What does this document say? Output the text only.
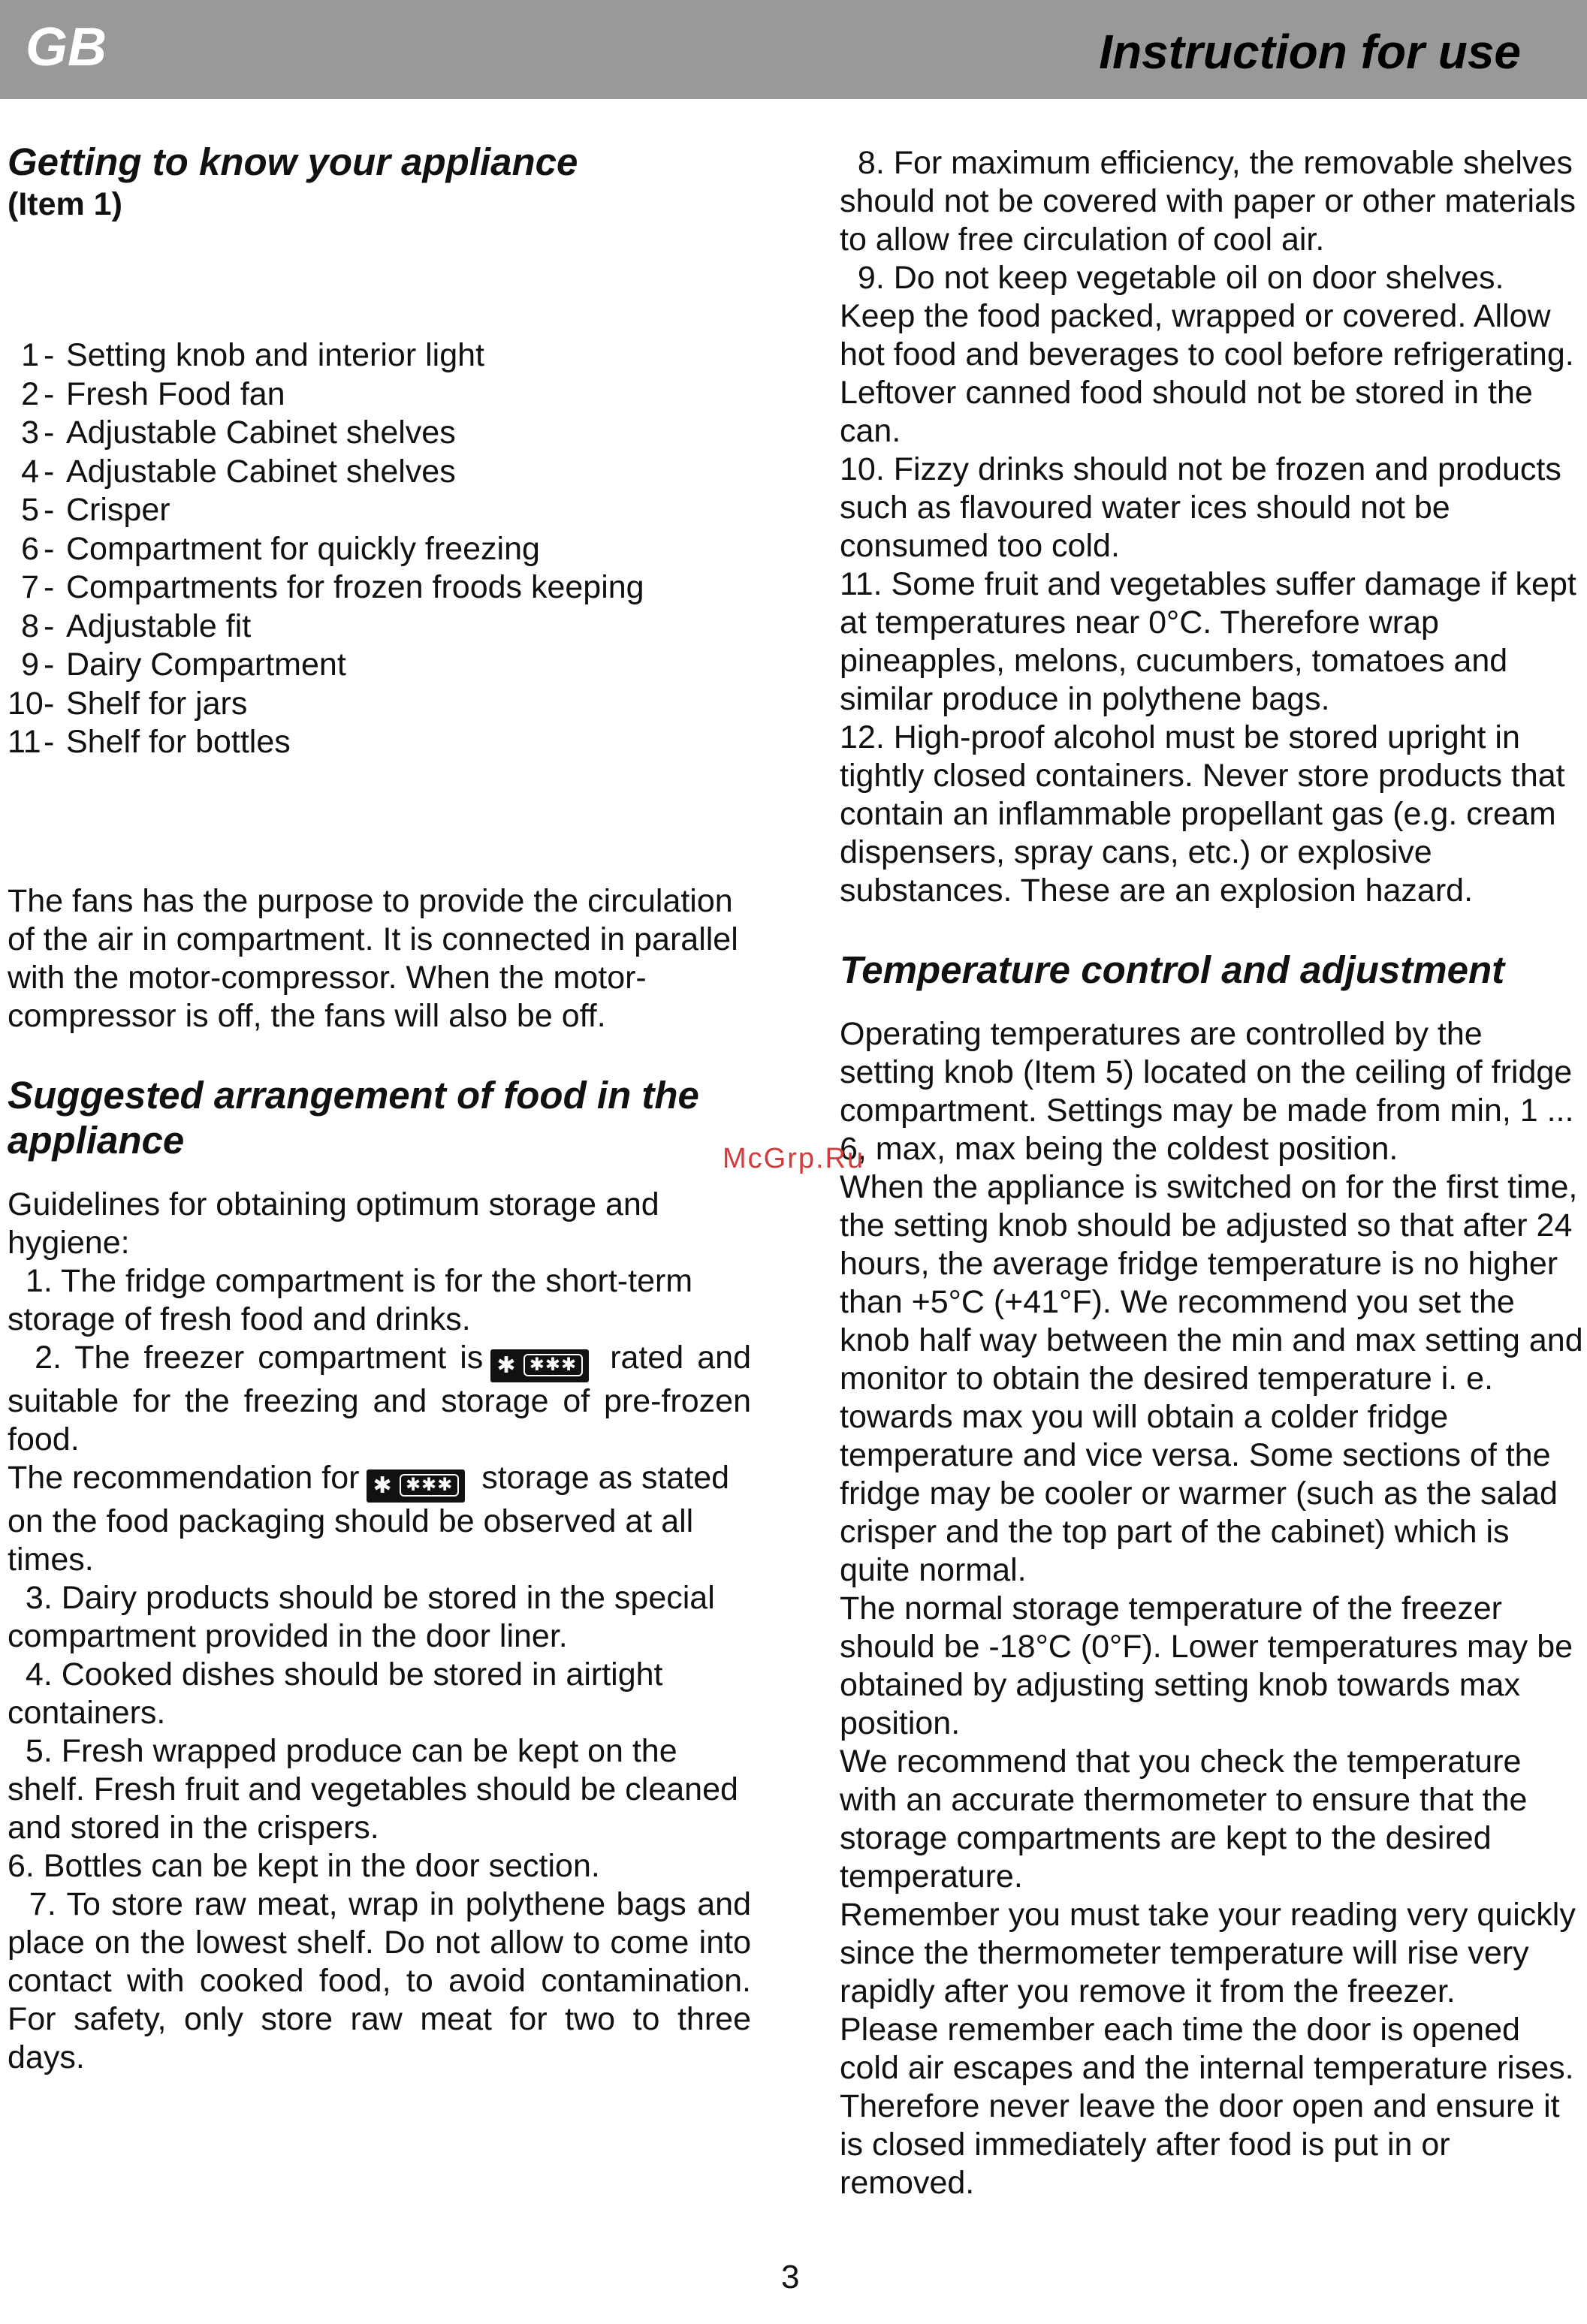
GB	Instruction for use
Getting to know your appliance

(Item 1)

1 - Setting knob and interior light
2 - Fresh Food fan
3 - Adjustable Cabinet shelves
4 - Adjustable Cabinet shelves
5 - Crisper
6 - Compartment for quickly freezing
7 - Compartments for frozen froods keeping
8 - Adjustable fit
9 - Dairy Compartment
10 - Shelf for jars
11 - Shelf for bottles

The fans has the purpose to provide the circulation of the air in compartment. It is connected in parallel with the motor-compressor. When the motor-compressor is off, the fans will also be off.

Suggested arrangement of food in the appliance

Guidelines for obtaining optimum storage and hygiene:

1. The fridge compartment is for the short-term storage of fresh food and drinks.

2. The freezer compartment is ✱ ✱✱✱ rated and suitable for the freezing and storage of pre-frozen food.

The recommendation for ✱ ✱✱✱ storage as stated on the food packaging should be observed at all times.

3. Dairy products should be stored in the special compartment provided in the door liner.

4. Cooked dishes should be stored in airtight containers.

5. Fresh wrapped produce can be kept on the shelf. Fresh fruit and vegetables should be cleaned and stored in the crispers.

6. Bottles can be kept in the door section.

7. To store raw meat, wrap in polythene bags and place on the lowest shelf. Do not allow to come into contact with cooked food, to avoid contamination. For safety, only store raw meat for two to three days.

8. For maximum efficiency, the removable shelves should not be covered with paper or other materials to allow free circulation of cool air.

9. Do not keep vegetable oil on door shelves.

Keep the food packed, wrapped or covered. Allow hot food and beverages to cool before refrigerating. Leftover canned food should not be stored in the can.

10. Fizzy drinks should not be frozen and products such as flavoured water ices should not be consumed too cold.

11. Some fruit and vegetables suffer damage if kept at temperatures near 0°C. Therefore wrap pineapples, melons, cucumbers, tomatoes and similar produce in polythene bags.

12. High-proof alcohol must be stored upright in tightly closed containers. Never store products that contain an inflammable propellant gas (e.g. cream dispensers, spray cans, etc.) or explosive substances. These are an explosion hazard.

Temperature control and adjustment

Operating temperatures are controlled by the setting knob (Item 5) located on the ceiling of fridge compartment. Settings may be made from min, 1 ... 6, max, max being the coldest position.

When the appliance is switched on for the first time, the setting knob should be adjusted so that after 24 hours, the average fridge temperature is no higher than +5°C (+41°F). We recommend you set the knob half way between the min and max setting and monitor to obtain the desired temperature i. e. towards max you will obtain a colder fridge temperature and vice versa. Some sections of the fridge may be cooler or warmer (such as the salad crisper and the top part of the cabinet) which is quite normal.

The normal storage temperature of the freezer should be -18°C (0°F). Lower temperatures may be obtained by adjusting setting knob towards max position.

We recommend that you check the temperature with an accurate thermometer to ensure that the storage compartments are kept to the desired temperature.

Remember you must take your reading very quickly since the thermometer temperature will rise very rapidly after you remove it from the freezer.

Please remember each time the door is opened cold air escapes and the internal temperature rises. Therefore never leave the door open and ensure it is closed immediately after food is put in or removed.

McGrp.Ru
3
